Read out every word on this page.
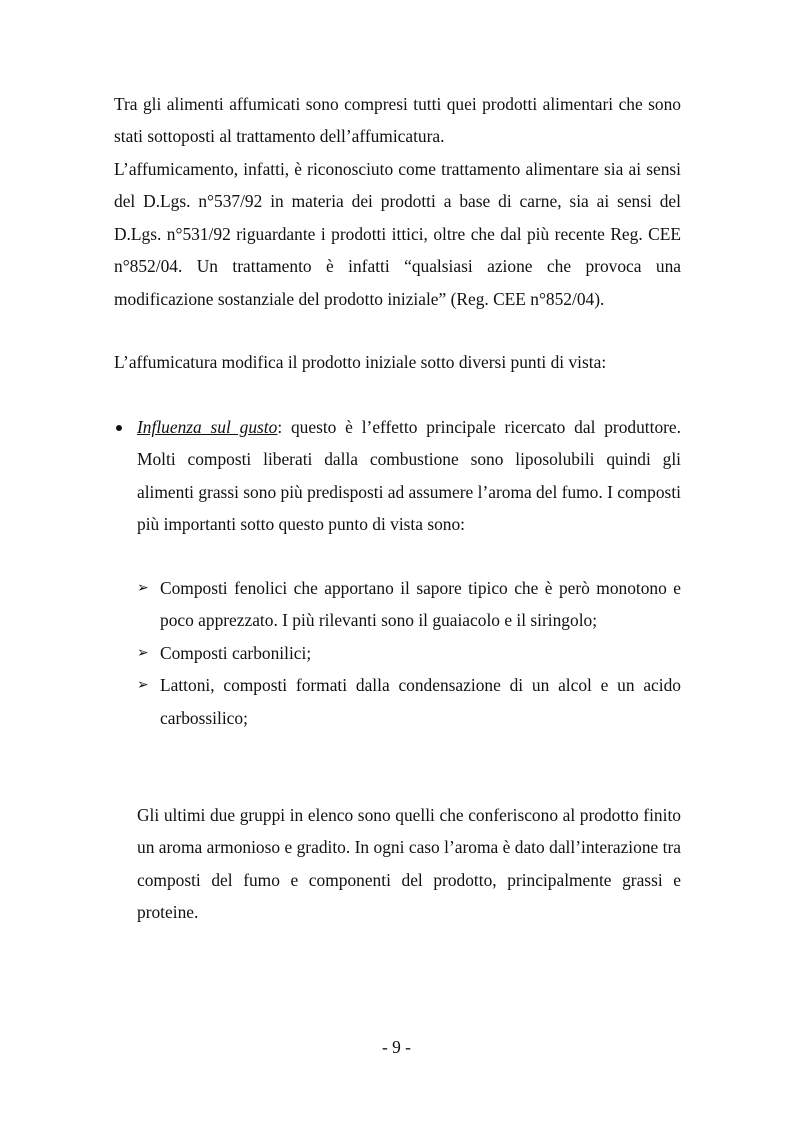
Tra gli alimenti affumicati sono compresi tutti quei prodotti alimentari che sono stati sottoposti al trattamento dell’affumicatura.

L’affumicamento, infatti, è riconosciuto come trattamento alimentare sia ai sensi del D.Lgs. n°537/92 in materia dei prodotti a base di carne, sia ai sensi del D.Lgs. n°531/92 riguardante i prodotti ittici, oltre che dal più recente Reg. CEE n°852/04. Un trattamento è infatti “qualsiasi azione che provoca una modificazione sostanziale del prodotto iniziale” (Reg. CEE n°852/04).

L’affumicatura modifica il prodotto iniziale sotto diversi punti di vista:

Influenza sul gusto: questo è l’effetto principale ricercato dal produttore. Molti composti liberati dalla combustione sono liposolubili quindi gli alimenti grassi sono più predisposti ad assumere l’aroma del fumo. I composti più importanti sotto questo punto di vista sono:
➢ Composti fenolici che apportano il sapore tipico che è però monotono e poco apprezzato. I più rilevanti sono il guaiacolo e il siringolo;
➢ Composti carbonilici;
➢ Lattoni, composti formati dalla condensazione di un alcol e un acido carbossilico;

Gli ultimi due gruppi in elenco sono quelli che conferiscono al prodotto finito un aroma armonioso e gradito. In ogni caso l’aroma è dato dall’interazione tra composti del fumo e componenti del prodotto, principalmente grassi e proteine.

- 9 -
